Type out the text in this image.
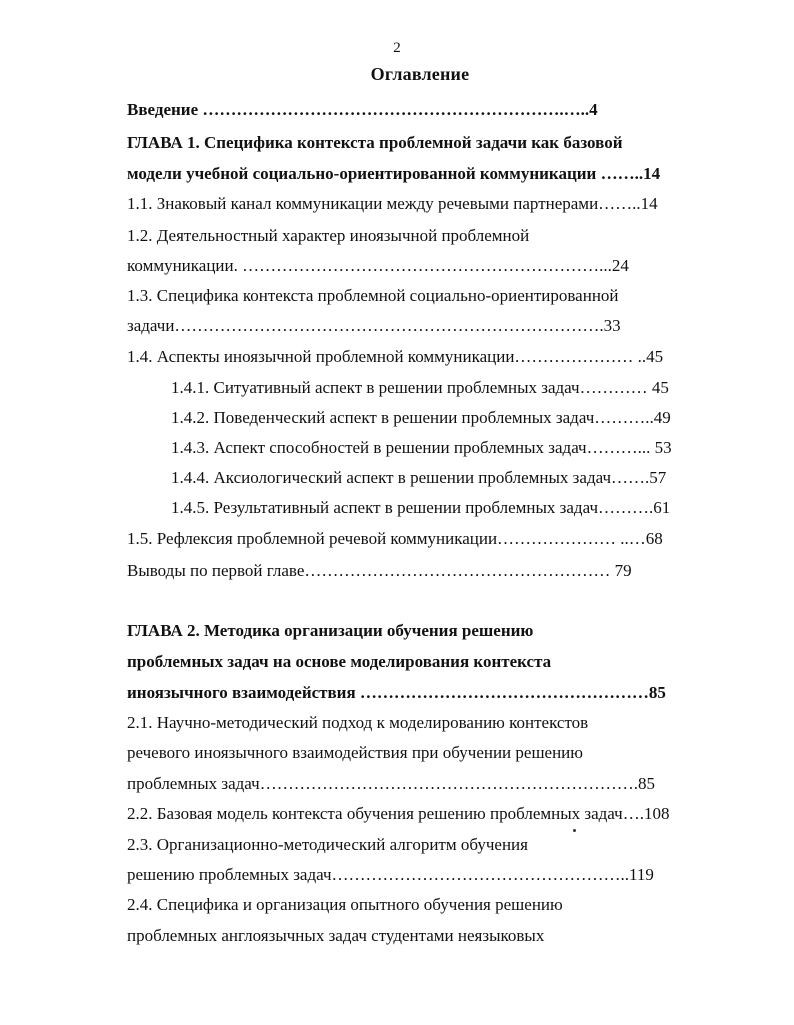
2
Оглавление
Введение ……………………………………………………….…..4
ГЛАВА 1. Специфика контекста проблемной задачи как базовой
модели учебной социально-ориентированной коммуникации ……..14
1.1. Знаковый канал коммуникации между речевыми партнерами……..14
1.2. Деятельностный характер иноязычной проблемной
коммуникации. ………………………………………………………...24
1.3. Специфика контекста проблемной социально-ориентированной
задачи………………………………………………………………….33
1.4. Аспекты иноязычной проблемной коммуникации………………… ..45
1.4.1. Ситуативный аспект в решении проблемных задач………… 45
1.4.2. Поведенческий аспект в решении проблемных задач………..49
1.4.3. Аспект способностей в решении проблемных задач………... 53
1.4.4. Аксиологический аспект в решении проблемных задач…….57
1.4.5. Результативный аспект в решении проблемных задач……….61
1.5. Рефлексия проблемной речевой коммуникации………………… ..…68
Выводы по первой главе……………………………………………… 79
ГЛАВА 2. Методика организации обучения решению
проблемных задач на основе моделирования контекста
иноязычного взаимодействия ……………………………………………85
2.1. Научно-методический подход к моделированию контекстов
речевого иноязычного взаимодействия при обучении решению
проблемных задач………………………………………………………….85
2.2. Базовая модель контекста обучения решению проблемных задач….108
2.3. Организационно-методический алгоритм обучения
решению проблемных задач……………………………………………..119
2.4. Специфика и организация опытного обучения решению
проблемных англоязычных задач студентами неязыковых
